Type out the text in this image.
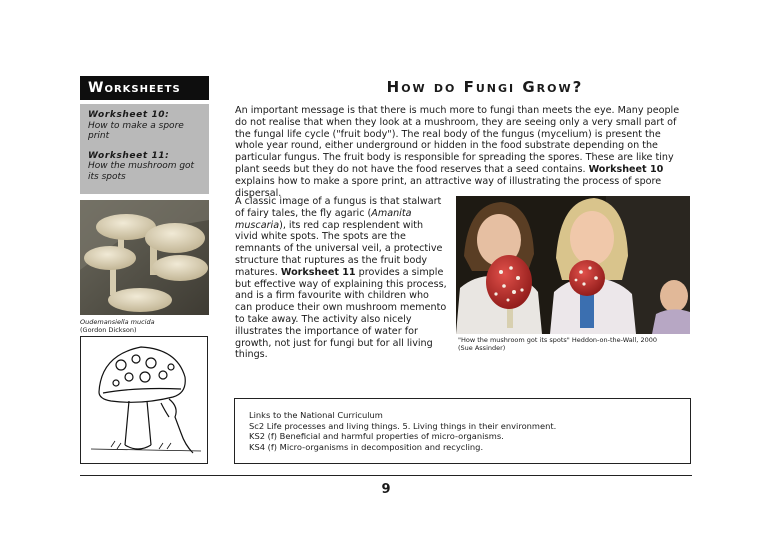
Worksheets
Worksheet 10:
How to make a spore print
Worksheet 11:
How the mushroom got its spots
Oudemansiella mucida
(Gordon Dickson)
How do Fungi Grow?
An important message is that there is much more to fungi than meets the eye. Many people do not realise that when they look at a mushroom, they are seeing only a very small part of the fungal life cycle ("fruit body"). The real body of the fungus (mycelium) is present the whole year round, either underground or hidden in the food substrate depending on the particular fungus. The fruit body is responsible for spreading the spores. These are like tiny plant seeds but they do not have the food reserves that a seed contains. Worksheet 10 explains how to make a spore print, an attractive way of illustrating the process of spore dispersal.
A classic image of a fungus is that stalwart of fairy tales, the fly agaric (Amanita muscaria), its red cap resplendent with vivid white spots. The spots are the remnants of the universal veil, a protective structure that ruptures as the fruit body matures. Worksheet 11 provides a simple but effective way of explaining this process, and is a firm favourite with children who can produce their own mushroom memento to take away. The activity also nicely illustrates the importance of water for growth, not just for fungi but for all living things.
"How the mushroom got its spots" Heddon-on-the-Wall, 2000
(Sue Assinder)
Links to the National Curriculum
Sc2 Life processes and living things. 5. Living things in their environment.
KS2 (f) Beneficial and harmful properties of micro-organisms.
KS4 (f) Micro-organisms in decomposition and recycling.
9
